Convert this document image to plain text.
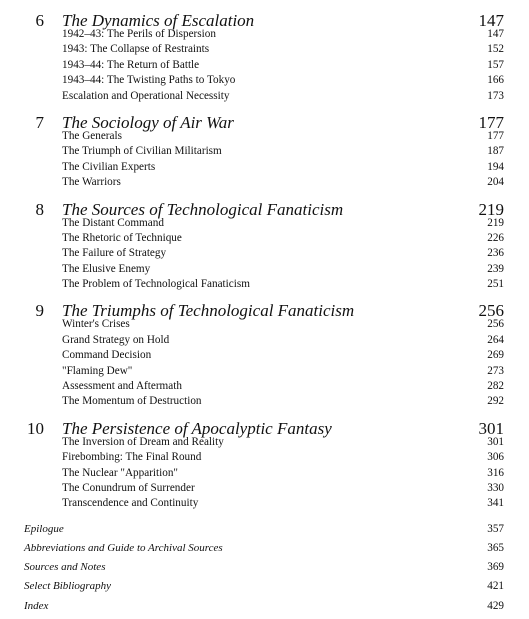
6 The Dynamics of Escalation	147
1942–43: The Perils of Dispersion	147
1943: The Collapse of Restraints	152
1943–44: The Return of Battle	157
1943–44: The Twisting Paths to Tokyo	166
Escalation and Operational Necessity	173
7 The Sociology of Air War	177
The Generals	177
The Triumph of Civilian Militarism	187
The Civilian Experts	194
The Warriors	204
8 The Sources of Technological Fanaticism	219
The Distant Command	219
The Rhetoric of Technique	226
The Failure of Strategy	236
The Elusive Enemy	239
The Problem of Technological Fanaticism	251
9 The Triumphs of Technological Fanaticism	256
Winter's Crises	256
Grand Strategy on Hold	264
Command Decision	269
"Flaming Dew"	273
Assessment and Aftermath	282
The Momentum of Destruction	292
10 The Persistence of Apocalyptic Fantasy	301
The Inversion of Dream and Reality	301
Firebombing: The Final Round	306
The Nuclear "Apparition"	316
The Conundrum of Surrender	330
Transcendence and Continuity	341
Epilogue	357
Abbreviations and Guide to Archival Sources	365
Sources and Notes	369
Select Bibliography	421
Index	429
